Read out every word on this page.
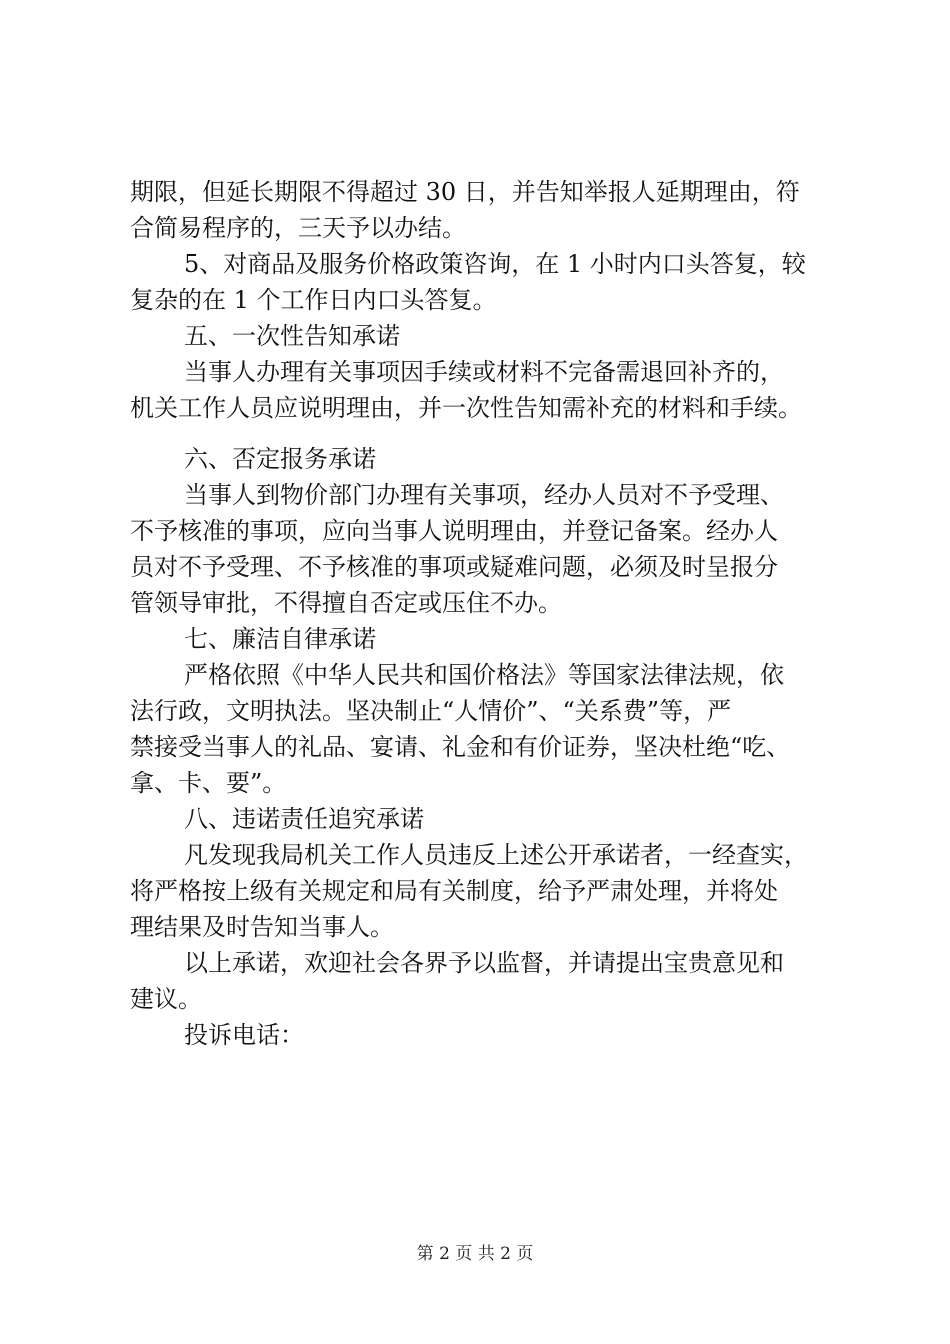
期限，但延长期限不得超过 30 日，并告知举报人延期理由，符
合简易程序的，三天予以办结。
5、对商品及服务价格政策咨询，在 1 小时内口头答复，较
复杂的在 1 个工作日内口头答复。
五、一次性告知承诺
当事人办理有关事项因手续或材料不完备需退回补齐的，
机关工作人员应说明理由，并一次性告知需补充的材料和手续。
六、否定报务承诺
当事人到物价部门办理有关事项，经办人员对不予受理、
不予核准的事项，应向当事人说明理由，并登记备案。经办人
员对不予受理、不予核准的事项或疑难问题，必须及时呈报分
管领导审批，不得擅自否定或压住不办。
七、廉洁自律承诺
严格依照《中华人民共和国价格法》等国家法律法规，依
法行政，文明执法。坚决制止“人情价”、“关系费”等，严
禁接受当事人的礼品、宴请、礼金和有价证券，坚决杜绝“吃、
拿、卡、要”。
八、违诺责任追究承诺
凡发现我局机关工作人员违反上述公开承诺者，一经查实，
将严格按上级有关规定和局有关制度，给予严肃处理，并将处
理结果及时告知当事人。
以上承诺，欢迎社会各界予以监督，并请提出宝贵意见和
建议。
投诉电话：
第 2 页 共 2 页
